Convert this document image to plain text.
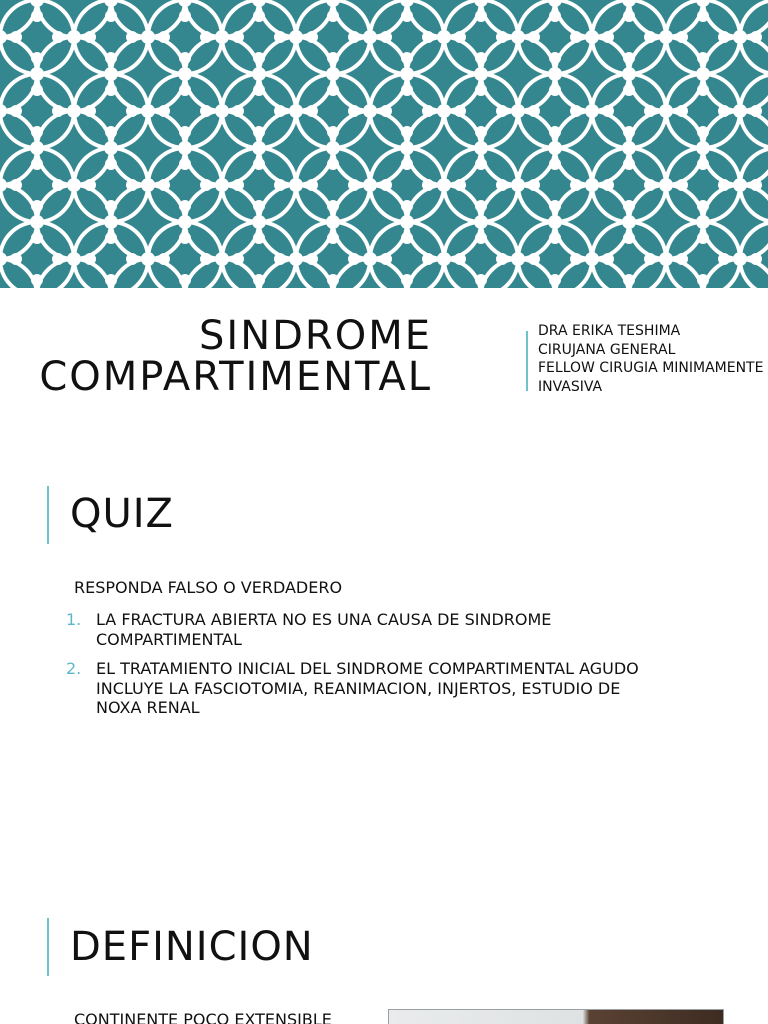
SINDROME
COMPARTIMENTAL
DRA ERIKA TESHIMA
CIRUJANA GENERAL
FELLOW CIRUGIA MINIMAMENTE
INVASIVA
QUIZ
RESPONDA FALSO O VERDADERO
1. LA FRACTURA ABIERTA NO ES UNA CAUSA DE SINDROME COMPARTIMENTAL
2. EL TRATAMIENTO INICIAL DEL SINDROME COMPARTIMENTAL AGUDO INCLUYE LA FASCIOTOMIA, REANIMACION, INJERTOS, ESTUDIO DE NOXA RENAL
DEFINICION
CONTINENTE POCO EXTENSIBLE
